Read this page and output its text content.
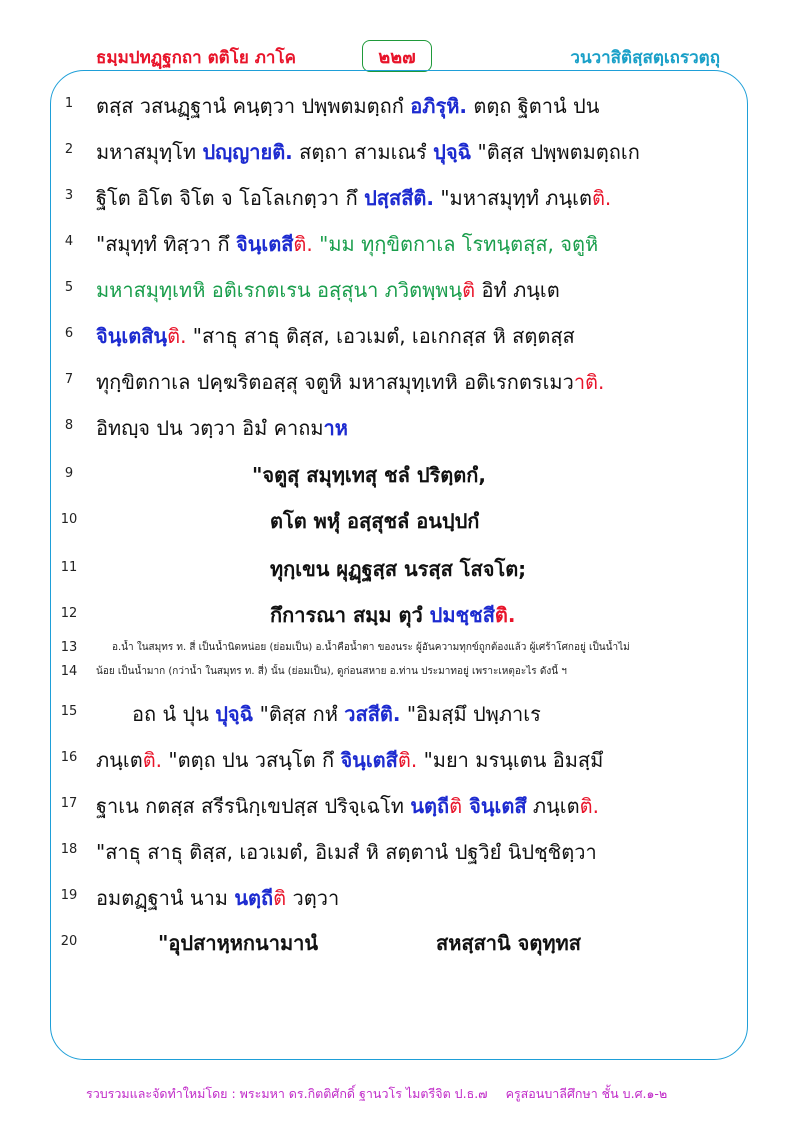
ธมฺมปทฏฺฐกถา ตติโย ภาโค	๒๒๗	วนวาสิติสฺสตฺเถรวตฺถุ
1	ตสฺส วสนฏฺฐานํ คนฺตฺวา ปพฺพตมตฺถกํ อภิรุหิ. ตตฺถ ฐิตานํ ปน
2	มหาสมุทฺโท ปญฺญายติ. สตฺถา สามเณรํ ปุจฺฉิ "ติสฺส ปพฺพตมตฺถเก
3	ฐิโต อิโต จิโต จ โอโลเกตฺวา กึ ปสฺสสีติ. "มหาสมุทฺทํ ภนฺเต ติ.
4	"สมุทฺทํ ทิสฺวา กึ จินฺเตสี ติ. "มม ทุกฺขิตกาเล โรทนฺตสฺส, จตูหิ
5	มหาสมุทฺเทหิ อติเรกตเรน อสฺสุนา ภวิตพฺพนฺ ติ อิทํ ภนฺเต
6	จินฺเตสินฺ ติ. "สาธุ สาธุ ติสฺส, เอวเมตํ, เอเกกสฺส หิ สตฺตสฺส
7	ทุกฺขิตกาเล ปคฺฆริตอสฺสุ จตูหิ มหาสมุทฺเทหิ อติเรกตรเมว าติ.
8	อิทญฺจ ปน วตฺวา อิมํ คาถม าห
9	"จตูสุ สมุทฺเทสุ ชลํ ปริตฺตกํ,
10	ตโต พหุํ อสฺสุชลํ อนปฺปกํ
11	ทุกฺเขน ผุฏฺฐสฺส นรสฺส โสจโต;
12	กึการณา สมฺม ตุวํ ปมชฺชสีติ.
13	อ.น้ำ ในสมุทร ท. สี่ เป็นน้ำนิดหน่อย (ย่อมเป็น) อ.น้ำคือน้ำตา ของนระ ผู้อันความทุกข์ถูกต้องแล้ว ผู้เศร้าโศกอยู่ เป็นน้ำไม่
14	น้อย เป็นน้ำมาก (กว่าน้ำ ในสมุทร ท. สี่) นั้น (ย่อมเป็น), ดูก่อนสหาย อ.ท่าน ประมาทอยู่ เพราะเหตุอะไร ดังนี้ ฯ
15	อถ นํ ปุน ปุจฺฉิ "ติสฺส กหํ วสสีติ. "อิมสฺมึ ปพฺภาเร
16 ภนฺเต ติ. "ตตฺถ ปน วสนฺโต กึ จินฺเตสี ติ. "มยา มรนฺเตน อิมสฺมึ
17 ฐาเน กตสฺส สรีรนิกฺเขปสฺส ปริจฺเฉโท นตฺถี ติ จินฺเตสึ ภนฺเต ติ.
18 "สาธุ สาธุ ติสฺส, เอวเมตํ, อิเมสํ หิ สตฺตานํ ปฐวิยํ นิปชฺชิตฺวา
19 อมตฏฺฐานํ นาม นตฺถี ติ วตฺวา
20	"อุปสาหฺหกนามานํ	สหสฺสานิ จตุทฺทส
รวบรวมและจัดทำใหม่โดย : พระมหา ดร.กิตติศักดิ์ ฐานวโร ไมตรีจิต ป.ธ.๗ ครูสอนบาลีศึกษา ชั้น บ.ศ.๑-๒
